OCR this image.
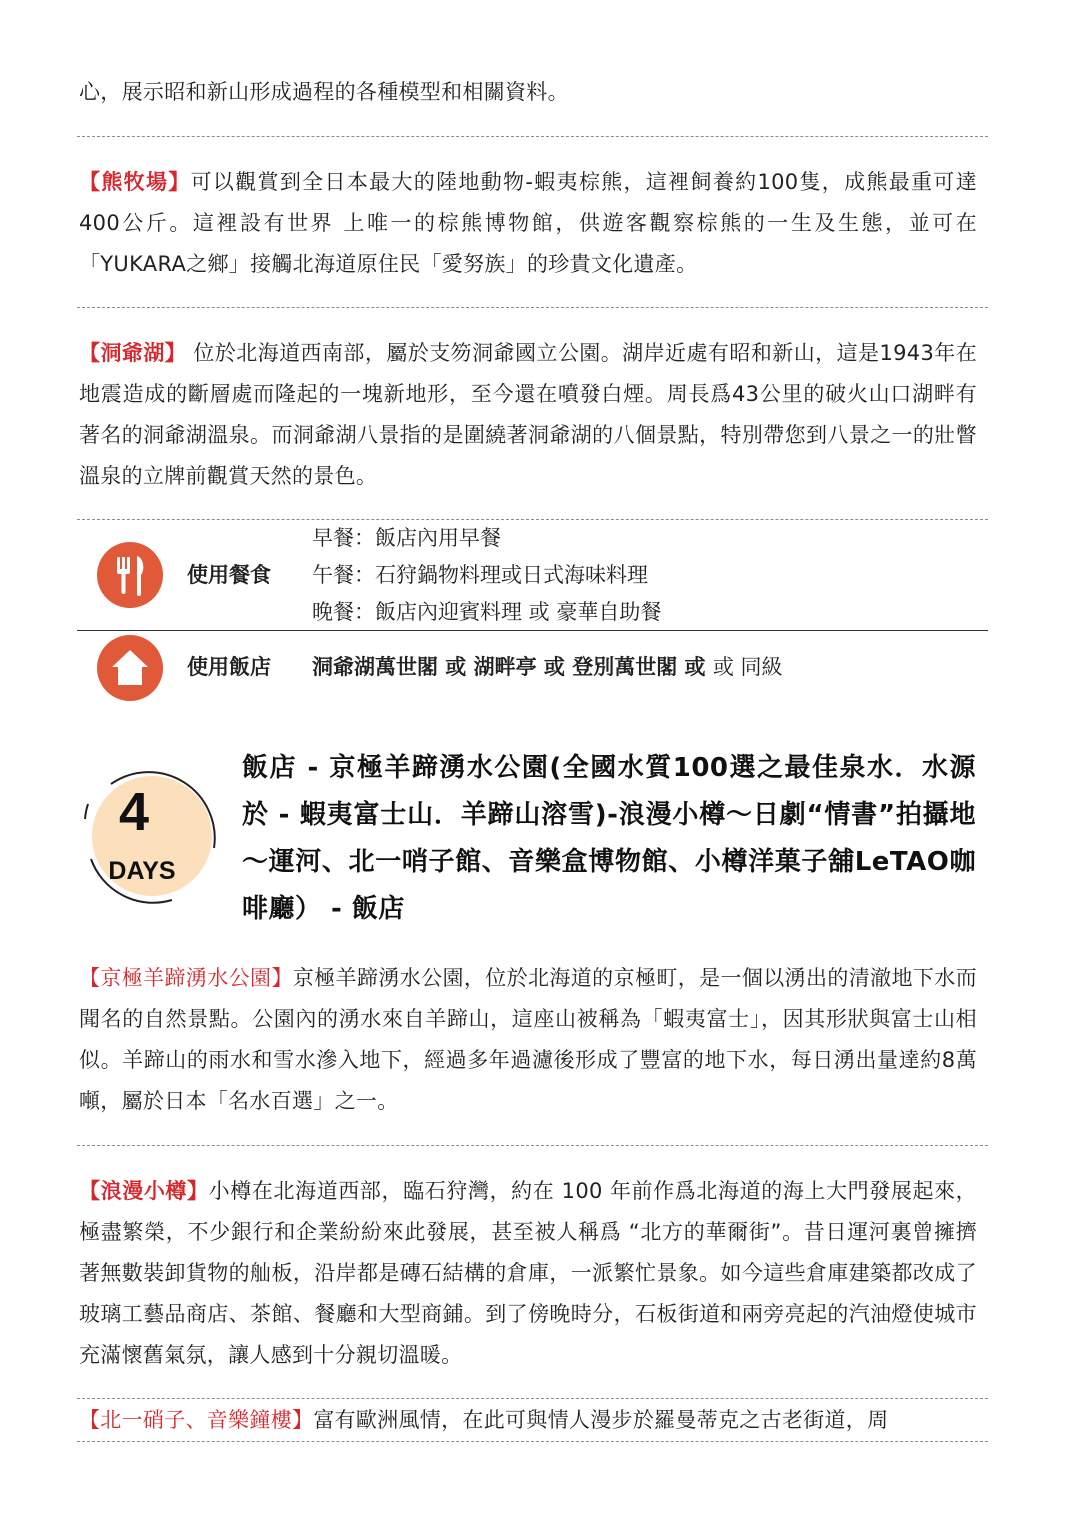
心，展示昭和新山形成過程的各種模型和相關資料。

【熊牧場】可以觀賞到全日本最大的陸地動物-蝦夷棕熊，這裡飼養約100隻，成熊最重可達400公斤。這裡設有世界 上唯一的棕熊博物館，供遊客觀察棕熊的一生及生態，並可在「YUKARA之鄉」接觸北海道原住民「愛努族」的珍貴文化遺產。

【洞爺湖】 位於北海道西南部，屬於支笏洞爺國立公園。湖岸近處有昭和新山，這是1943年在地震造成的斷層處而隆起的一塊新地形，至今還在噴發白煙。周長爲43公里的破火山口湖畔有著名的洞爺湖溫泉。而洞爺湖八景指的是圍繞著洞爺湖的八個景點，特別帶您到八景之一的壯瞥溫泉的立牌前觀賞天然的景色。

使用餐食
早餐：飯店內用早餐
午餐：石狩鍋物料理或日式海味料理
晚餐：飯店內迎賓料理 或 豪華自助餐
使用飯店 洞爺湖萬世閣 或 湖畔亭 或 登別萬世閣 或 或 同級
4
DAYS

飯店 - 京極羊蹄湧水公園(全國水質100選之最佳泉水．水源於 - 蝦夷富士山．羊蹄山溶雪)-浪漫小樽～日劇“情書”拍攝地～運河、北一哨子館、音樂盒博物館、小樽洋菓子舖LeTAO咖啡廳） - 飯店

【京極羊蹄湧水公園】京極羊蹄湧水公園，位於北海道的京極町，是一個以湧出的清澈地下水而聞名的自然景點。公園內的湧水來自羊蹄山，這座山被稱為「蝦夷富士」，因其形狀與富士山相似。羊蹄山的雨水和雪水滲入地下，經過多年過濾後形成了豐富的地下水，每日湧出量達約8萬噸，屬於日本「名水百選」之一。

【浪漫小樽】小樽在北海道西部，臨石狩灣，約在 100 年前作爲北海道的海上大門發展起來，極盡繁榮，不少銀行和企業紛紛來此發展，甚至被人稱爲 “北方的華爾街”。昔日運河裏曾擁擠著無數裝卸貨物的舢板，沿岸都是磚石結構的倉庫，一派繁忙景象。如今這些倉庫建築都改成了玻璃工藝品商店、茶館、餐廳和大型商鋪。到了傍晚時分，石板街道和兩旁亮起的汽油燈使城市充滿懷舊氣氛，讓人感到十分親切溫暖。

【北一硝子、音樂鐘樓】富有歐洲風情，在此可與情人漫步於羅曼蒂克之古老街道，周
